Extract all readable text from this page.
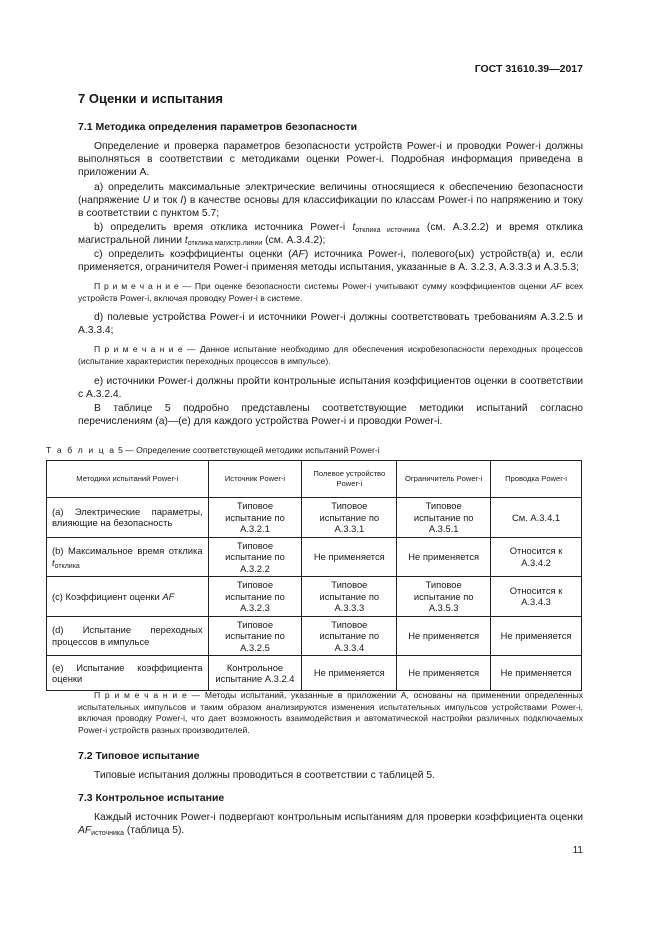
ГОСТ 31610.39—2017
7 Оценки и испытания
7.1 Методика определения параметров безопасности
Определение и проверка параметров безопасности устройств Power-i и проводки Power-i должны выполняться в соответствии с методиками оценки Power-i. Подробная информация приведена в приложении А.
а) определить максимальные электрические величины относящиеся к обеспечению безопасности (напряжение U и ток I) в качестве основы для классификации по классам Power-i по напряжению и току в соответствии с пунктом 5.7;
b) определить время отклика источника Power-i $t_{отклика источника}$ (см. А.3.2.2) и время отклика магистральной линии $t_{отклика магистр.линии}$ (см. А.3.4.2);
c) определить коэффициенты оценки (AF) источника Power-i, полевого(ых) устройств(а) и, если применяется, ограничителя Power-i применяя методы испытания, указанные в А. 3.2.3, А.3.3.3 и А.3.5.3;
П р и м е ч а н и е — При оценке безопасности системы Power-i учитывают сумму коэффициентов оценки AF всех устройств Power-i, включая проводку Power-i в системе.
d) полевые устройства Power-i и источники Power-i должны соответствовать требованиям А.3.2.5 и А.3.3.4;
П р и м е ч а н и е — Данное испытание необходимо для обеспечения искробезопасности переходных процессов (испытание характеристик переходных процессов в импульсе).
e) источники Power-i должны пройти контрольные испытания коэффициентов оценки в соответствии с А.3.2.4.
В таблице 5 подробно представлены соответствующие методики испытаний согласно перечислениям (а)—(е) для каждого устройства Power-i и проводки Power-i.
Т а б л и ц а 5 — Определение соответствующей методики испытаний Power-i
Методики испытаний Power-i	Источник Power-i	Полевое устройство Power-i	Ограничитель Power-i	Проводка Power-i
(а) Электрические параметры, влияющие на безопасность	Типовое испытание по А.3.2.1	Типовое испытание по А.3.3.1	Типовое испытание по А.3.5.1	См. А.3.4.1
(b) Максимальное время отклика $t_{отклика}$	Типовое испытание по А.3.2.2	Не применяется	Не применяется	Относится к А.3.4.2
(c) Коэффициент оценки AF	Типовое испытание по А.3.2.3	Типовое испытание по А.3.3.3	Типовое испытание по А.3.5.3	Относится к А.3.4.3
(d) Испытание переходных процессов в импульсе	Типовое испытание по А.3.2.5	Типовое испытание по А.3.3.4	Не применяется	Не применяется
(e) Испытание коэффициента оценки	Контрольное испытание А.3.2.4	Не применяется	Не применяется	Не применяется
П р и м е ч а н и е — Методы испытаний, указанные в приложении А, основаны на применении определенных испытательных импульсов и таким образом анализируются изменения испытательных импульсов устройствами Power-i, включая проводку Power-i, что дает возможность взаимодействия и автоматической настройки различных подключаемых Power-i устройств разных производителей.
7.2 Типовое испытание
Типовые испытания должны проводиться в соответствии с таблицей 5.
7.3 Контрольное испытание
Каждый источник Power-i подвергают контрольным испытаниям для проверки коэффициента оценки $AF_{источника}$ (таблица 5).
11
